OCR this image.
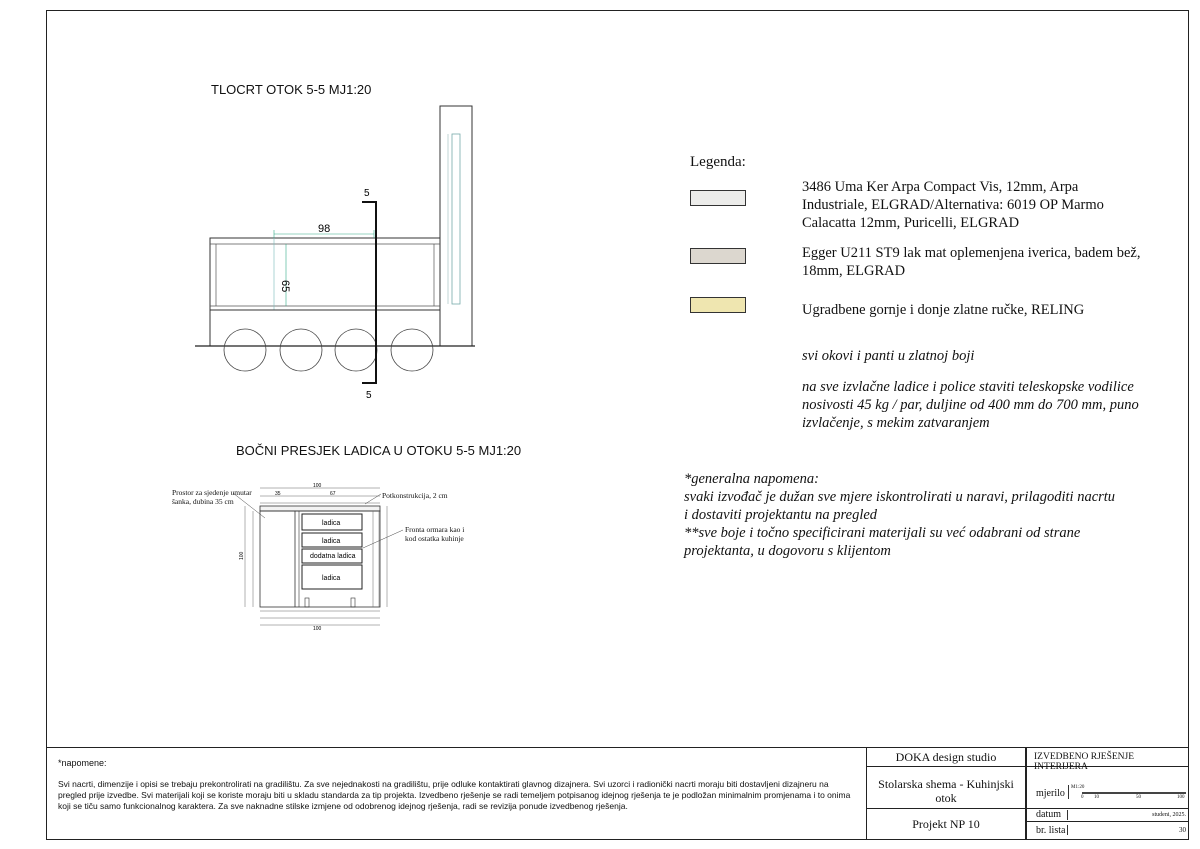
TLOCRT OTOK 5-5 MJ1:20
98
65
5
5
BOČNI PRESJEK LADICA U OTOKU 5-5 MJ1:20
100
35	67
ladica
ladica
dodatna ladica
ladica
100
100
Prostor za sjedenje umutar šanka, dubina 35 cm
Potkonstrukcija, 2 cm
Fronta ormara kao i kod ostatka kuhinje
Legenda:
3486 Uma Ker Arpa Compact Vis, 12mm, Arpa Industriale, ELGRAD/Alternativa: 6019 OP Marmo Calacatta 12mm, Puricelli, ELGRAD
Egger U211 ST9 lak mat oplemenjena iverica, badem bež, 18mm, ELGRAD
Ugradbene gornje i donje zlatne ručke, RELING
svi okovi i panti u zlatnoj boji
na sve izvlačne ladice i police staviti teleskopske vodilice nosivosti 45 kg / par, duljine od 400 mm do 700 mm, puno izvlačenje, s mekim zatvaranjem
*generalna napomena:
svaki izvođač je dužan sve mjere iskontrolirati u naravi, prilagoditi nacrtu
i dostaviti projektantu na pregled
**sve boje i točno specificirani materijali su već odabrani od strane
projektanta, u dogovoru s klijentom
*napomene:
Svi nacrti, dimenzije i opisi se trebaju prekontrolirati na gradilištu. Za sve nejednakosti na gradilištu, prije odluke kontaktirati glavnog dizajnera. Svi uzorci i radionički nacrti moraju biti dostavljeni dizajneru na pregled prije izvedbe. Svi materijali koji se koriste moraju biti u skladu standarda za tip projekta. Izvedbeno rješenje se radi temeljem potpisanog idejnog rješenja te je podložan minimalnim promjenama i to onima koji se tiču samo funkcionalnog karaktera. Za sve naknadne stilske izmjene od odobrenog idejnog rješenja, radi se revizija ponude izvedbenog rješenja.
DOKA design studio	IZVEDBENO RJEŠENJE INTERIJERA
Stolarska shema - Kuhinjski otok
Projekt NP 10
mjerilo
M1:20
0 10	50	100
datum	studeni, 2025.
br. lista	30
